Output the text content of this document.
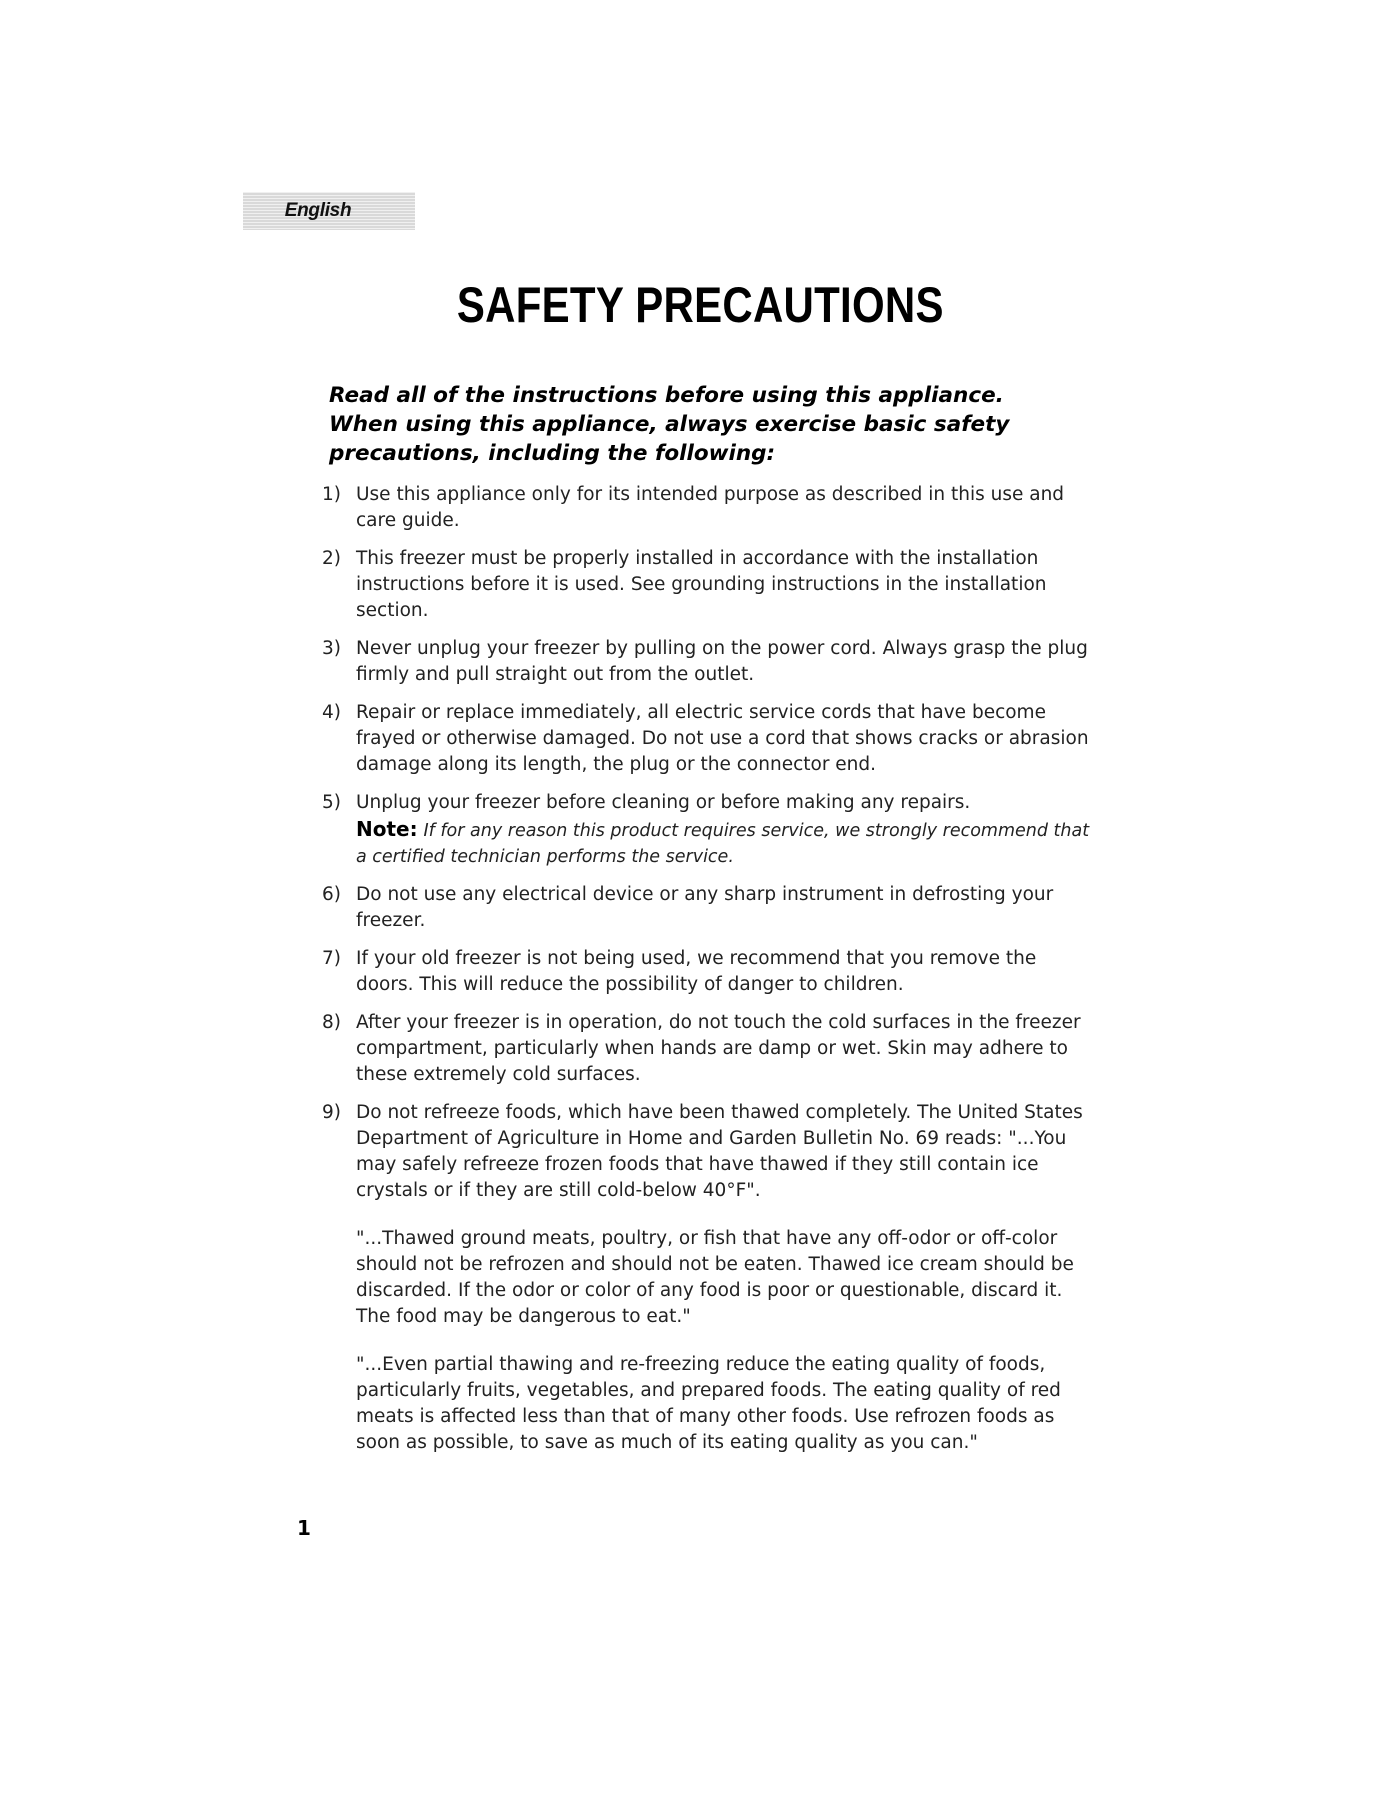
English
SAFETY PRECAUTIONS

Read all of the instructions before using this appliance. When using this appliance, always exercise basic safety precautions, including the following:

1) Use this appliance only for its intended purpose as described in this use and care guide.

2) This freezer must be properly installed in accordance with the installation instructions before it is used. See grounding instructions in the installation section.

3) Never unplug your freezer by pulling on the power cord. Always grasp the plug firmly and pull straight out from the outlet.

4) Repair or replace immediately, all electric service cords that have become frayed or otherwise damaged. Do not use a cord that shows cracks or abrasion damage along its length, the plug or the connector end.

5) Unplug your freezer before cleaning or before making any repairs.

Note: If for any reason this product requires service, we strongly recommend that a certified technician performs the service.

6) Do not use any electrical device or any sharp instrument in defrosting your freezer.

7) If your old freezer is not being used, we recommend that you remove the doors. This will reduce the possibility of danger to children.

8) After your freezer is in operation, do not touch the cold surfaces in the freezer compartment, particularly when hands are damp or wet. Skin may adhere to these extremely cold surfaces.

9) Do not refreeze foods, which have been thawed completely. The United States Department of Agriculture in Home and Garden Bulletin No. 69 reads: "...You may safely refreeze frozen foods that have thawed if they still contain ice crystals or if they are still cold-below 40°F".

"...Thawed ground meats, poultry, or fish that have any off-odor or off-color should not be refrozen and should not be eaten. Thawed ice cream should be discarded. If the odor or color of any food is poor or questionable, discard it. The food may be dangerous to eat."

"...Even partial thawing and re-freezing reduce the eating quality of foods, particularly fruits, vegetables, and prepared foods. The eating quality of red meats is affected less than that of many other foods. Use refrozen foods as soon as possible, to save as much of its eating quality as you can."

1
